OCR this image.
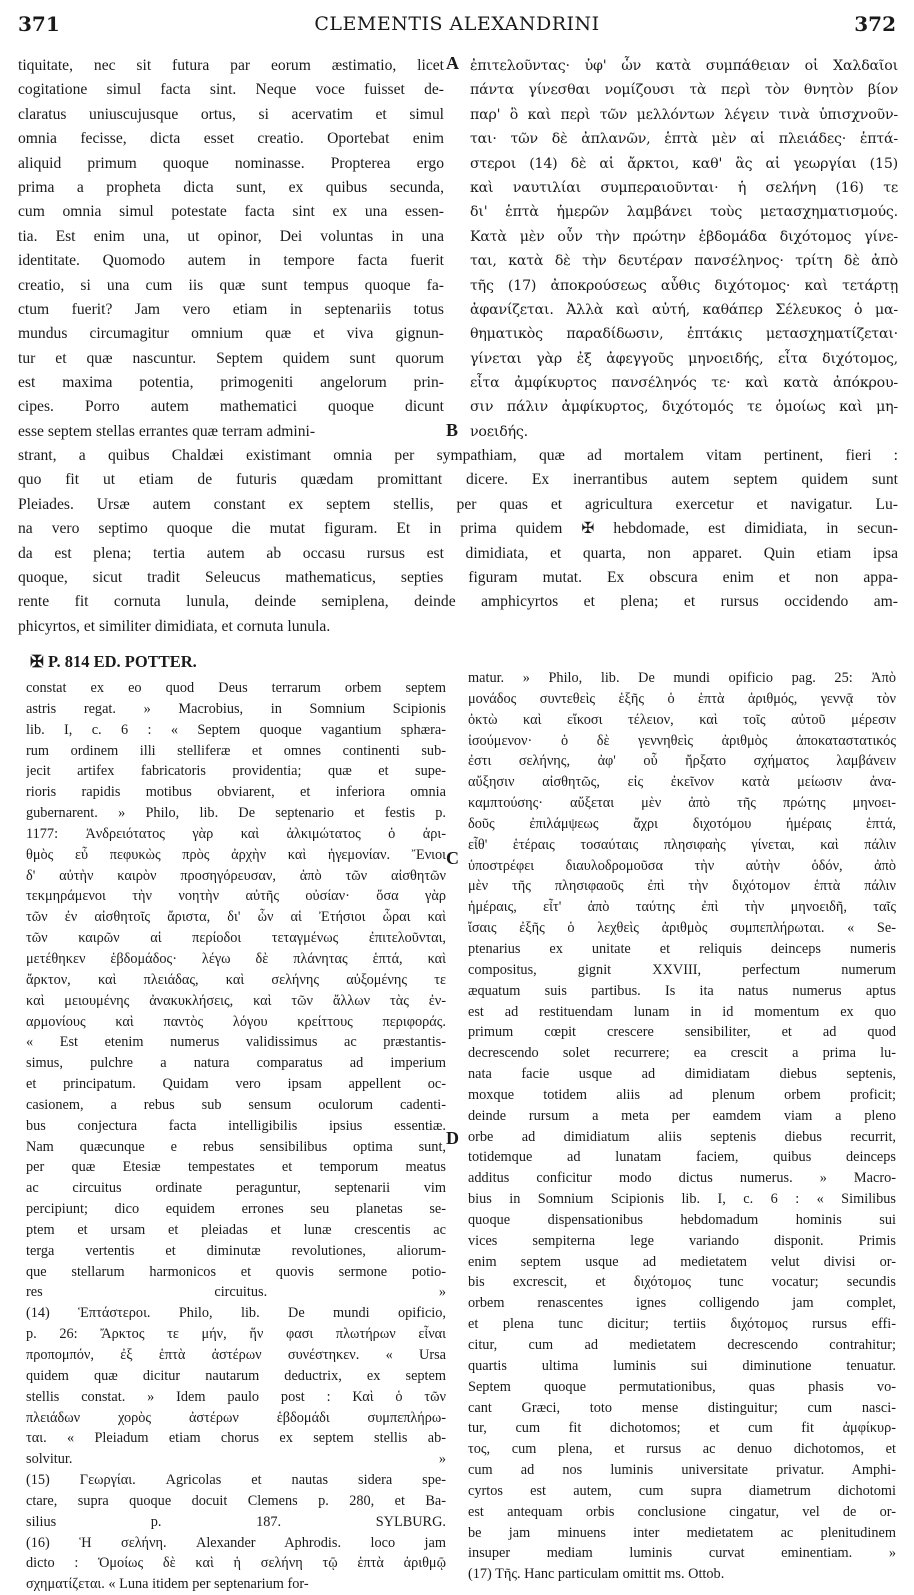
371	CLEMENTIS ALEXANDRINI	372
tiquitate, nec sit futura par eorum æstimatio, licet
cogitatione simul facta sint. Neque voce fuisset de-
claratus uniuscujusque ortus, si acervatim et simul
omnia fecisse, dicta esset creatio. Oportebat enim
aliquid primum quoque nominasse. Propterea ergo
prima a propheta dicta sunt, ex quibus secunda,
cum omnia simul potestate facta sint ex una essen-
tia. Est enim una, ut opinor, Dei voluntas in una
identitate. Quomodo autem in tempore facta fuerit
creatio, si una cum iis quæ sunt tempus quoque fa-
ctum fuerit? Jam vero etiam in septenariis totus
mundus circumagitur omnium quæ et viva gignun-
tur et quæ nascuntur. Septem quidem sunt quorum
est maxima potentia, primogeniti angelorum prin-
cipes. Porro autem mathematici quoque dicunt
esse septem stellas errantes quæ terram admini-
ἐπιτελοῦντας· ὑφ' ὧν κατὰ συμπάθειαν οἱ Χαλδαῖοι
πάντα γίνεσθαι νομίζουσι τὰ περὶ τὸν θνητὸν βίον
παρ' ὃ καὶ περὶ τῶν μελλόντων λέγειν τινὰ ὑπισχνοῦν-
ται· τῶν δὲ ἀπλανῶν, ἑπτὰ μὲν αἱ πλειάδες· ἑπτά-
στεροι (14) δὲ αἱ ἄρκτοι, καθ' ἃς αἱ γεωργίαι (15)
καὶ ναυτιλίαι συμπεραιοῦνται· ἡ σελήνη (16) τε
δι' ἑπτὰ ἡμερῶν λαμβάνει τοὺς μετασχηματισμούς.
Κατὰ μὲν οὖν τὴν πρώτην ἑβδομάδα διχότομος γίνε-
ται, κατὰ δὲ τὴν δευτέραν πανσέληνος· τρίτη δὲ ἀπὸ
τῆς (17) ἀποκρούσεως αὖθις διχότομος· καὶ τετάρτῃ
ἀφανίζεται. Ἀλλὰ καὶ αὐτή, καθάπερ Σέλευκος ὁ μα-
θηματικὸς παραδίδωσιν, ἑπτάκις μετασχηματίζεται·
γίνεται γὰρ ἐξ ἀφεγγοῦς μηνοειδής, εἶτα διχότομος,
εἶτα ἀμφίκυρτος πανσέληνός τε· καὶ κατὰ ἀπόκρου-
σιν πάλιν ἀμφίκυρτος, διχότομός τε ὁμοίως καὶ μη-
νοειδής.
A
B
C
D
strant, a quibus Chaldæi existimant omnia per sympathiam, quæ ad mortalem vitam pertinent, fieri :
quo fit ut etiam de futuris quædam promittant dicere. Ex inerrantibus autem septem quidem sunt
Pleiades. Ursæ autem constant ex septem stellis, per quas et agricultura exercetur et navigatur. Lu-
na vero septimo quoque die mutat figuram. Et in prima quidem ✠ hebdomade, est dimidiata, in secun-
da est plena; tertia autem ab occasu rursus est dimidiata, et quarta, non apparet. Quin etiam ipsa
quoque, sicut tradit Seleucus mathematicus, septies figuram mutat. Ex obscura enim et non appa-
rente fit cornuta lunula, deinde semiplena, deinde amphicyrtos et plena; et rursus occidendo am-
phicyrtos, et similiter dimidiata, et cornuta lunula.
✠ P. 814 ED. POTTER.
constat ex eo quod Deus terrarum orbem septem
astris regat. » Macrobius, in Somnium Scipionis
lib. I, c. 6 : « Septem quoque vagantium sphæra-
rum ordinem illi stelliferæ et omnes continenti sub-
jecit artifex fabricatoris providentia; quæ et supe-
rioris rapidis motibus obviarent, et inferiora omnia
gubernarent. » Philo, lib. De septenario et festis p.
1177: Ἀνδρειότατος γὰρ καὶ ἀλκιμώτατος ὁ ἀρι-
θμὸς εὖ πεφυκὼς πρὸς ἀρχὴν καὶ ἡγεμονίαν. Ἔνιοι
δ' αὐτὴν καιρὸν προσηγόρευσαν, ἀπὸ τῶν αἰσθητῶν
τεκμηράμενοι τὴν νοητὴν αὐτῆς οὐσίαν· ὅσα γὰρ
τῶν ἐν αἰσθητοῖς ἄριστα, δι' ὧν αἱ Ἐτήσιοι ὧραι καὶ
τῶν καιρῶν αἱ περίοδοι τεταγμένως ἐπιτελοῦνται,
μετέθηκεν ἑβδομάδος· λέγω δὲ πλάνητας ἑπτά, καὶ
ἄρκτον, καὶ πλειάδας, καὶ σελήνης αὐξομένης τε
καὶ μειουμένης ἀνακυκλήσεις, καὶ τῶν ἄλλων τὰς ἐν-
αρμονίους καὶ παντὸς λόγου κρείττους περιφοράς.
« Est etenim numerus validissimus ac præstantis-
simus, pulchre a natura comparatus ad imperium
et principatum. Quidam vero ipsam appellent oc-
casionem, a rebus sub sensum oculorum cadenti-
bus conjectura facta intelligibilis ipsius essentiæ.
Nam quæcunque e rebus sensibilibus optima sunt,
per quæ Etesiæ tempestates et temporum meatus
ac circuitus ordinate peraguntur, septenarii vim
percipiunt; dico equidem errones seu planetas se-
ptem et ursam et pleiadas et lunæ crescentis ac
terga vertentis et diminutæ revolutiones, aliorum-
que stellarum harmonicos et quovis sermone potio-
res circuitus. »
(14) Ἑπτάστεροι. Philo, lib. De mundi opificio,
p. 26: Ἄρκτος τε μήν, ἥν φασι πλωτήρων εἶναι
προπομπόν, ἐξ ἑπτὰ ἀστέρων συνέστηκεν. « Ursa
quidem quæ dicitur nautarum deductrix, ex septem
stellis constat. » Idem paulo post : Καὶ ὁ τῶν
πλειάδων χορὸς ἀστέρων ἑβδομάδι συμπεπλήρω-
ται. « Pleiadum etiam chorus ex septem stellis ab-
solvitur. »
(15) Γεωργίαι. Agricolas et nautas sidera spe-
ctare, supra quoque docuit Clemens p. 280, et Ba-
silius p. 187. SYLBURG.
(16) Ἡ σελήνη. Alexander Aphrodis. loco jam
dicto : Ὁμοίως δὲ καὶ ἡ σελήνη τῷ ἑπτὰ ἀριθμῷ
σχηματίζεται. « Luna itidem per septenarium for-
matur. » Philo, lib. De mundi opificio pag. 25: Ἀπὸ
μονάδος συντεθεὶς ἑξῆς ὁ ἑπτὰ ἀριθμός, γεννᾷ τὸν
ὀκτὼ καὶ εἴκοσι τέλειον, καὶ τοῖς αὐτοῦ μέρεσιν
ἰσούμενον· ὁ δὲ γεννηθεὶς ἀριθμὸς ἀποκαταστατικός
ἐστι σελήνης, ἀφ' οὗ ἤρξατο σχήματος λαμβάνειν
αὔξησιν αἰσθητῶς, εἰς ἐκεῖνον κατὰ μείωσιν ἀνα-
καμπτούσης· αὔξεται μὲν ἀπὸ τῆς πρώτης μηνοει-
δοῦς ἐπιλάμψεως ἄχρι διχοτόμου ἡμέραις ἑπτά,
εἶθ' ἑτέραις τοσαύταις πλησιφαὴς γίνεται, καὶ πάλιν
ὑποστρέφει διαυλοδρομοῦσα τὴν αὐτὴν ὁδόν, ἀπὸ
μὲν τῆς πλησιφαοῦς ἐπὶ τὴν διχότομον ἑπτὰ πάλιν
ἡμέραις, εἶτ' ἀπὸ ταύτης ἐπὶ τὴν μηνοειδῆ, ταῖς
ἴσαις ἐξῆς ὁ λεχθεὶς ἀριθμὸς συμπεπλήρωται. « Se-
ptenarius ex unitate et reliquis deinceps numeris
compositus, gignit XXVIII, perfectum numerum
æquatum suis partibus. Is ita natus numerus aptus
est ad restituendam lunam in id momentum ex quo
primum cœpit crescere sensibiliter, et ad quod
decrescendo solet recurrere; ea crescit a prima lu-
nata facie usque ad dimidiatam diebus septenis,
moxque totidem aliis ad plenum orbem proficit;
deinde rursum a meta per eamdem viam a pleno
orbe ad dimidiatum aliis septenis diebus recurrit,
totidemque ad lunatam faciem, quibus deinceps
additus conficitur modo dictus numerus. » Macro-
bius in Somnium Scipionis lib. I, c. 6 : « Similibus
quoque dispensationibus hebdomadum hominis sui
vices sempiterna lege variando disponit. Primis
enim septem usque ad medietatem velut divisi or-
bis excrescit, et διχότομος tunc vocatur; secundis
orbem renascentes ignes colligendo jam complet,
et plena tunc dicitur; tertiis διχότομος rursus effi-
citur, cum ad medietatem decrescendo contrahitur;
quartis ultima luminis sui diminutione tenuatur.
Septem quoque permutationibus, quas phasis vo-
cant Græci, toto mense distinguitur; cum nasci-
tur, cum fit dichotomos; et cum fit ἀμφίκυρ-
τος, cum plena, et rursus ac denuo dichotomos, et
cum ad nos luminis universitate privatur. Amphi-
cyrtos est autem, cum supra diametrum dichotomi
est antequam orbis conclusione cingatur, vel de or-
be jam minuens inter medietatem ac plenitudinem
insuper mediam luminis curvat eminentiam. »
(17) Τῆς. Hanc particulam omittit ms. Ottob.
